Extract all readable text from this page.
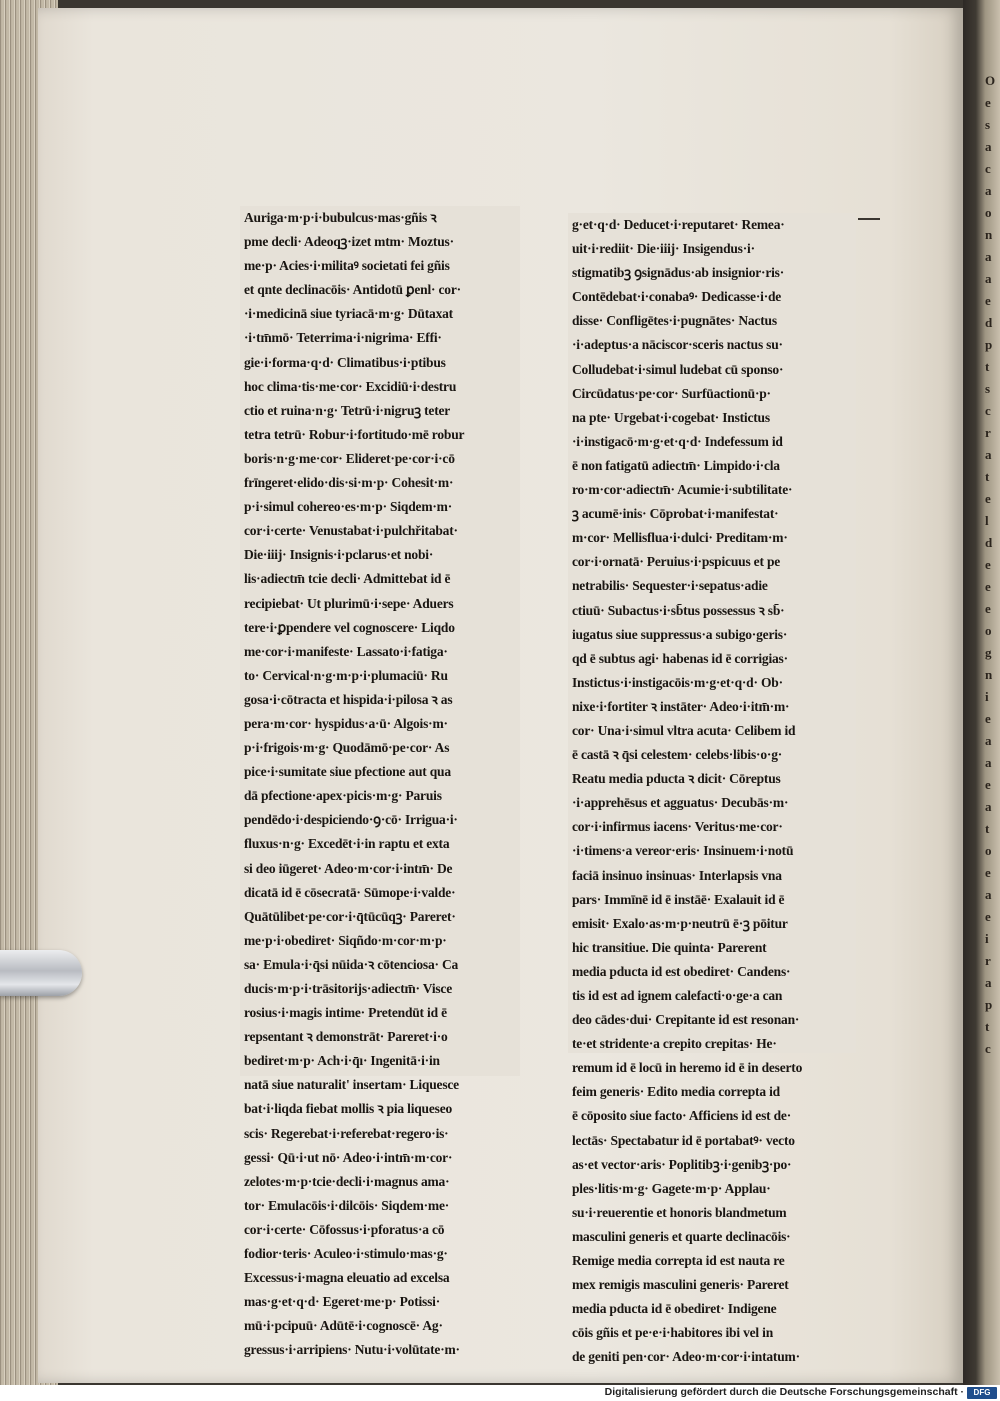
O
e
s
a
c
a
o
n
a
a
e
d
p
t
s
c
r
a
t
e
l
d
e
e
e
o
g
n
i
e
a
a
e
a
t
o
e
a
e
i
r
a
p
t
c
Auriga·m·p·i·bubulcus·mas·gñis ꝛ
pme decli· Adeoqꝫ·izet mtm· Moztus·
me·p· Acies·i·militaꝰ societati fei gñis
et qnte declinacōis· Antidotū ꝑenl· cor·
·i·medicinā siue tyriacā·m·g· Dūtaxat
·i·tm̄mō· Teterrima·i·nigrima· Effi·
gie·i·forma·q·d· Climatibus·i·ptibus
hoc clima·tis·me·cor· Excidiū·i·destru
ctio et ruina·n·g· Tetrū·i·nigruꝫ teter
tetra tetrū· Robur·i·fortitudo·mē robur
boris·n·g·me·cor· Elideret·pe·cor·i·cō
frīngeret·elido·dis·si·m·p· Cohesit·m·
p·i·simul cohereo·es·m·p· Siqdem·m·
cor·i·certe· Venustabat·i·pulchřitabat·
Die·iiij· Insignis·i·pclarus·et nobi·
lis·adiectm̄ tcie decli· Admittebat id ē
recipiebat· Ut plurimū·i·sepe· Aduers
tere·i·ꝑpendere vel cognoscere· Liqdo
me·cor·i·manifeste· Lassato·i·fatiga·
to· Cervical·n·g·m·p·i·plumaciū· Ru
gosa·i·cōtracta et hispida·i·pilosa ꝛ as
pera·m·cor· hyspidus·a·ū· Algois·m·
p·i·frigois·m·g· Quodāmō·pe·cor· As
pice·i·sumitate siue pfectione aut qua
dā pfectione·apex·picis·m·g· Paruis
pendēdo·i·despiciendo·ꝯ·cō· Irrigua·i·
fluxus·n·g· Excedēt·i·in raptu et exta
si deo iūgeret· Adeo·m·cor·i·intm̄· De
dicatā id ē cōsecratā· Sūmope·i·valde·
Quātūlibet·pe·cor·i·q̄tūcūqꝫ· Pareret·
me·p·i·obediret· Siqñdo·m·cor·m·p·
sa· Emula·i·q̄si nūida·ꝛ cōtenciosa· Ca
ducis·m·p·i·trāsitorijs·adiectm̄· Visce
rosius·i·magis intime· Pretendūt id ē
repsentant ꝛ demonstrāt· Pareret·i·o
bediret·m·p· Ach·i·q̄ı· Ingenitā·i·in
natā siue naturalit' insertam· Liquesce
bat·i·liqda fiebat mollis ꝛ pia liqueseo
scis· Regerebat·i·referebat·regero·is·
gessi· Qū·i·ut nō· Adeo·i·intm̄·m·cor·
zelotes·m·p·tcie·decli·i·magnus ama·
tor· Emulacōis·i·dilcōis· Siqdem·me·
cor·i·certe· Cōfossus·i·pforatus·a cō
fodior·teris· Aculeo·i·stimulo·mas·g·
Excessus·i·magna eleuatio ad excelsa
mas·g·et·q·d· Egeret·me·p· Potissi·
mū·i·pcipuū· Adūtē·i·cognoscē· Ag·
gressus·i·arripiens· Nutu·i·volūtate·m·
g·et·q·d· Deducet·i·reputaret· Remea·
uit·i·rediit· Die·iiij· Insigendus·i·
stigmatibꝫ ꝯsignādus·ab insignior·ris·
Contēdebat·i·conabaꝰ· Dedicasse·i·de
disse· Confligētes·i·pugnātes· Nactus
·i·adeptus·a nāciscor·sceris nactus su·
Colludebat·i·simul ludebat cū sponso·
Circūdatus·pe·cor· Surfūactionū·p·
na pte· Urgebat·i·cogebat· Instictus
·i·instigacō·m·g·et·q·d· Indefessum id
ē non fatigatū adiectm̄· Limpido·i·cla
ro·m·cor·adiectm̄· Acumie·i·subtilitate·
ꝫ acumē·inis· Cōprobat·i·manifestat·
m·cor· Mellisflua·i·dulci· Preditam·m·
cor·i·ornatā· Peruius·i·pspicuus et pe
netrabilis· Sequester·i·sepatus·adie
ctiuū· Subactus·i·sb̄tus possessus ꝛ sb̄·
iugatus siue suppressus·a subigo·geris·
qd ē subtus agi· habenas id ē corrigias·
Instictus·i·instigacōis·m·g·et·q·d· Ob·
nixe·i·fortiter ꝛ instāter· Adeo·i·itm̄·m·
cor· Una·i·simul vltra acuta· Celibem id
ē castā ꝛ q̄si celestem· celebs·libis·o·g·
Reatu media pducta ꝛ dicit· Cōreptus
·i·apprehēsus et agguatus· Decubās·m·
cor·i·infirmus iacens· Veritus·me·cor·
·i·timens·a vereor·eris· Insinuem·i·notū
faciā insinuo insinuas· Interlapsis vna
pars· Immīnē id ē instāē· Exalauit id ē
emisit· Exalo·as·m·p·neutrū ē·ꝫ pōitur
hic transitiue. Die quinta· Parerent
media pducta id est obediret· Candens·
tis id est ad ignem calefacti·o·ge·a can
deo cādes·dui· Crepitante id est resonan·
te·et stridente·a crepito crepitas· He·
remum id ē locū in heremo id ē in deserto
feim generis· Edito media correpta id
ē cōposito siue facto· Afficiens id est de·
lectās· Spectabatur id ē portabatꝰ· vecto
as·et vector·aris· Poplitibꝫ·i·genibꝫ·po·
ples·litis·m·g· Gagete·m·p· Applau·
su·i·reuerentie et honoris blandmetum
masculini generis et quarte declinacōis·
Remige media correpta id est nauta re
mex remigis masculini generis· Pareret
media pducta id ē obediret· Indigene
cōis gñis et pe·e·i·habitores ibi vel in
de geniti pen·cor· Adeo·m·cor·i·intatum·
Digitalisierung gefördert durch die Deutsche Forschungsgemeinschaft ·	DFG
